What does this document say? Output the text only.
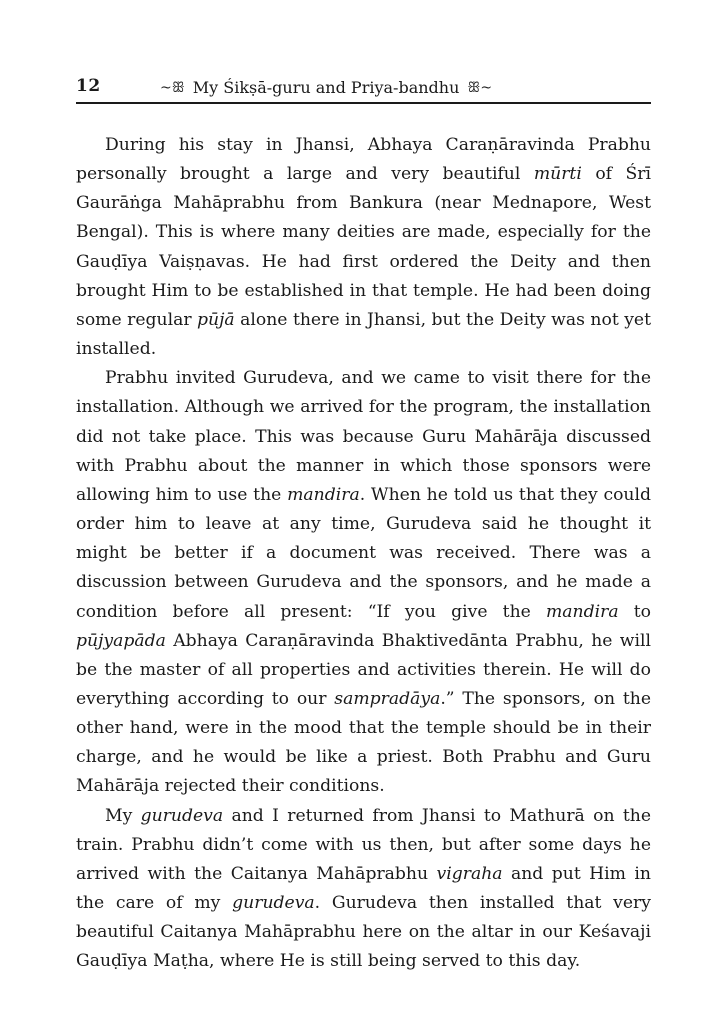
12	~ꕥ My Śikṣā-guru and Priya-bandhu ꕥ~

During his stay in Jhansi, Abhaya Caraṇāravinda Prabhu personally brought a large and very beautiful mūrti of Śrī Gaurāṅga Mahāprabhu from Bankura (near Mednapore, West Bengal). This is where many deities are made, especially for the Gauḍīya Vaiṣṇavas. He had first ordered the Deity and then brought Him to be established in that temple. He had been doing some regular pūjā alone there in Jhansi, but the Deity was not yet installed.

Prabhu invited Gurudeva, and we came to visit there for the installation. Although we arrived for the program, the installation did not take place. This was because Guru Mahārāja discussed with Prabhu about the manner in which those sponsors were allowing him to use the mandira. When he told us that they could order him to leave at any time, Gurudeva said he thought it might be better if a document was received. There was a discussion between Gurudeva and the sponsors, and he made a condition before all present: “If you give the mandira to pūjyapāda Abhaya Caraṇāravinda Bhaktivedānta Prabhu, he will be the master of all properties and activities therein. He will do everything according to our sampradāya.” The sponsors, on the other hand, were in the mood that the temple should be in their charge, and he would be like a priest. Both Prabhu and Guru Mahārāja rejected their conditions.

My gurudeva and I returned from Jhansi to Mathurā on the train. Prabhu didn’t come with us then, but after some days he arrived with the Caitanya Mahāprabhu vigraha and put Him in the care of my gurudeva. Gurudeva then installed that very beautiful Caitanya Mahāprabhu here on the altar in our Keśavaji Gauḍīya Maṭha, where He is still being served to this day.
